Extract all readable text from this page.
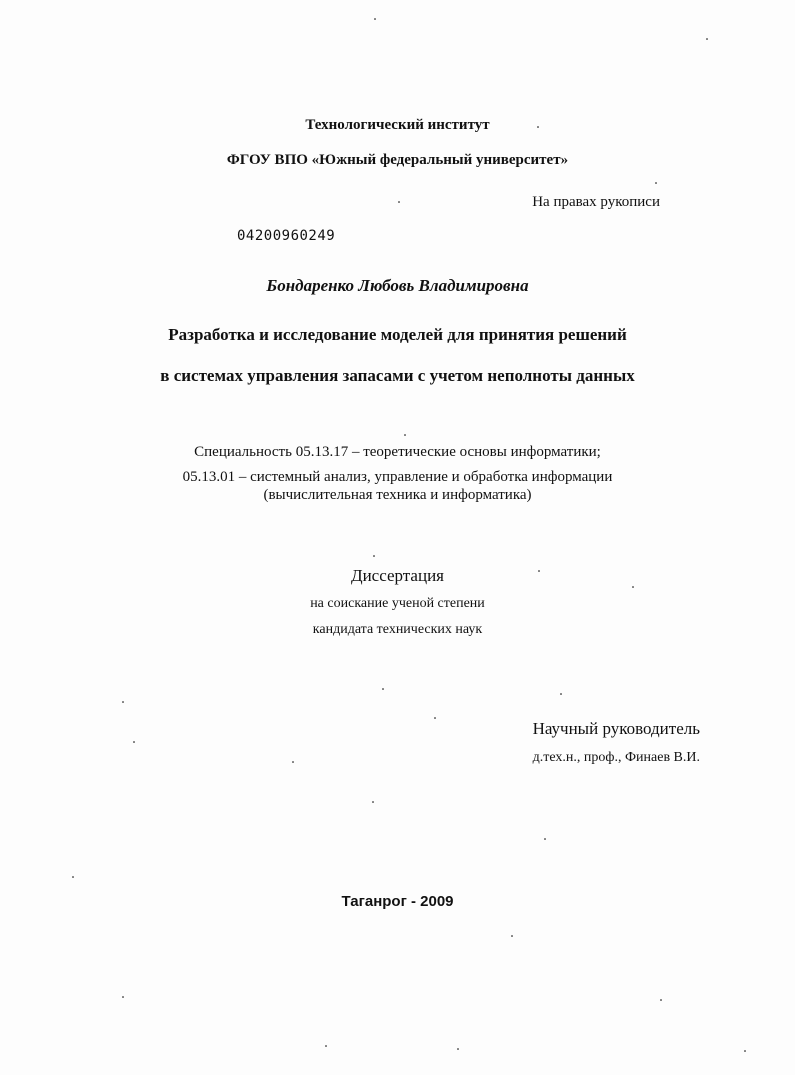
Технологический институт
ФГОУ ВПО «Южный федеральный университет»
На правах рукописи
04200960249
Бондаренко Любовь Владимировна
Разработка и исследование моделей для принятия решений
в системах управления запасами с учетом неполноты данных
Специальность 05.13.17 – теоретические основы информатики;
05.13.01 – системный анализ, управление и обработка информации
(вычислительная техника и информатика)
Диссертация
на соискание ученой степени
кандидата технических наук
Научный руководитель
д.тех.н., проф., Финаев В.И.
Таганрог - 2009
